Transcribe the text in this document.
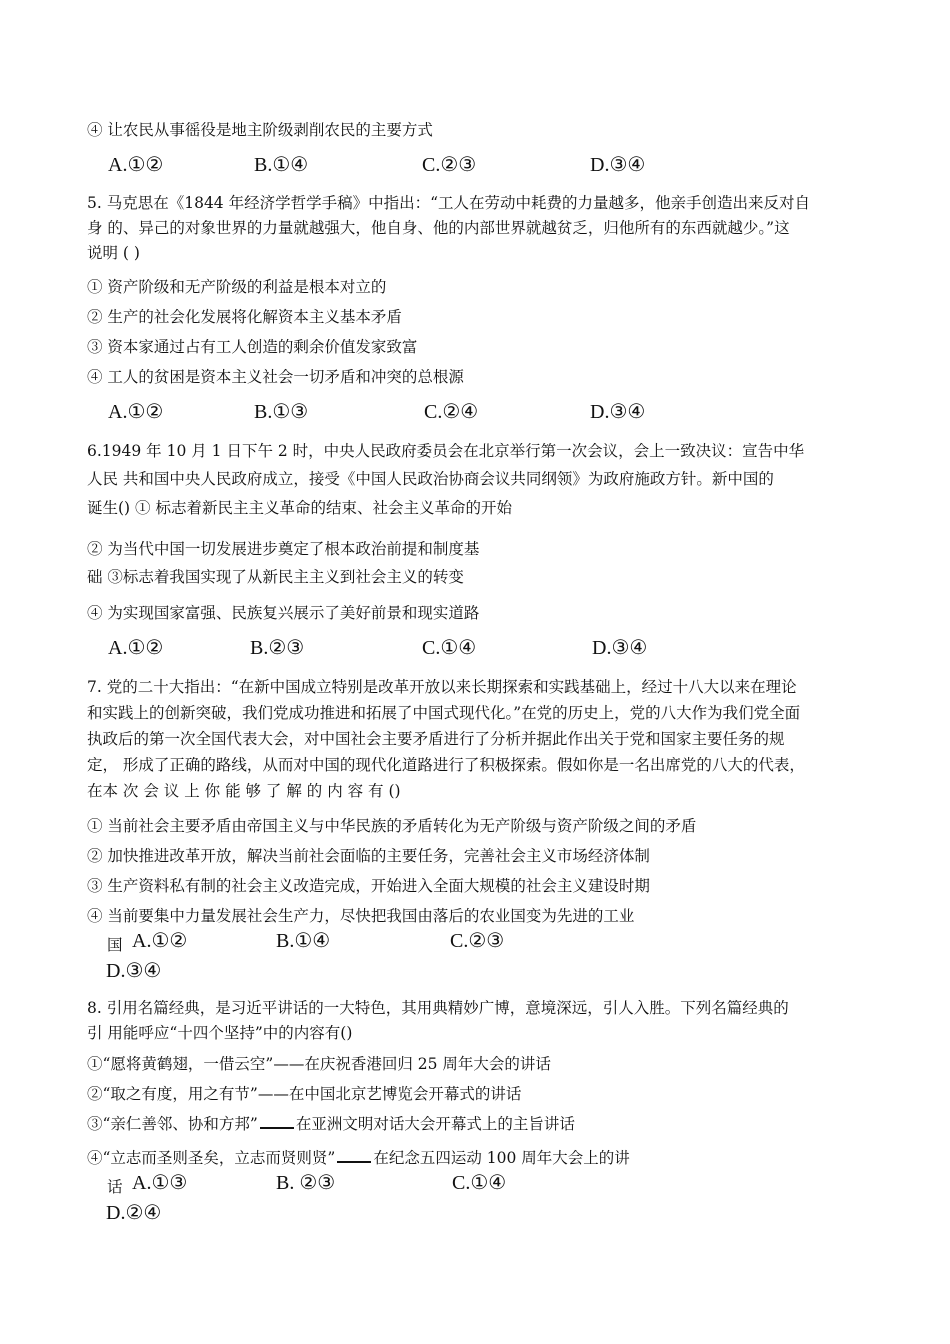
④ 让农民从事徭役是地主阶级剥削农民的主要方式
A.①②	B.①④	C.②③	D.③④
5. 马克思在《1844 年经济学哲学手稿》中指出：“工人在劳动中耗费的力量越多，他亲手创造出来反对自
身 的、异己的对象世界的力量就越强大，他自身、他的内部世界就越贫乏，归他所有的东西就越少。”这
说明 ( )
① 资产阶级和无产阶级的利益是根本对立的
② 生产的社会化发展将化解资本主义基本矛盾
③ 资本家通过占有工人创造的剩余价值发家致富
④ 工人的贫困是资本主义社会一切矛盾和冲突的总根源
A.①②	B.①③	C.②④	D.③④
6.1949 年 10 月 1 日下午 2 时，中央人民政府委员会在北京举行第一次会议，会上一致决议：宣告中华
人民 共和国中央人民政府成立，接受《中国人民政治协商会议共同纲领》为政府施政方针。新中国的
诞生() ① 标志着新民主主义革命的结束、社会主义革命的开始
② 为当代中国一切发展进步奠定了根本政治前提和制度基
础 ③标志着我国实现了从新民主主义到社会主义的转变
④ 为实现国家富强、民族复兴展示了美好前景和现实道路
A.①②	B.②③	C.①④	D.③④
7. 党的二十大指出：“在新中国成立特别是改革开放以来长期探索和实践基础上，经过十八大以来在理论
和实践上的创新突破，我们党成功推进和拓展了中国式现代化。”在党的历史上，党的八大作为我们党全面
执政后的第一次全国代表大会，对中国社会主要矛盾进行了分析并据此作出关于党和国家主要任务的规
定， 形成了正确的路线，从而对中国的现代化道路进行了积极探索。假如你是一名出席党的八大的代表，
在本 次 会 议 上 你 能 够 了 解 的 内 容 有 ()
① 当前社会主要矛盾由帝国主义与中华民族的矛盾转化为无产阶级与资产阶级之间的矛盾
② 加快推进改革开放，解决当前社会面临的主要任务，完善社会主义市场经济体制
③ 生产资料私有制的社会主义改造完成，开始进入全面大规模的社会主义建设时期
④ 当前要集中力量发展社会生产力，尽快把我国由落后的农业国变为先进的工业
国 A.①②	B.①④	C.②③
D.③④
8. 引用名篇经典，是习近平讲话的一大特色，其用典精妙广博，意境深远，引人入胜。下列名篇经典的
引 用能呼应“十四个坚持”中的内容有()
①“愿将黄鹤翅，一借云空”——在庆祝香港回归 25 周年大会的讲话
②“取之有度，用之有节”——在中国北京艺博览会开幕式的讲话
③“亲仁善邻、协和方邦” 在亚洲文明对话大会开幕式上的主旨讲话
④“立志而圣则圣矣，立志而贤则贤” 在纪念五四运动 100 周年大会上的讲
话 A.①③	B. ②③	C.①④
D.②④
